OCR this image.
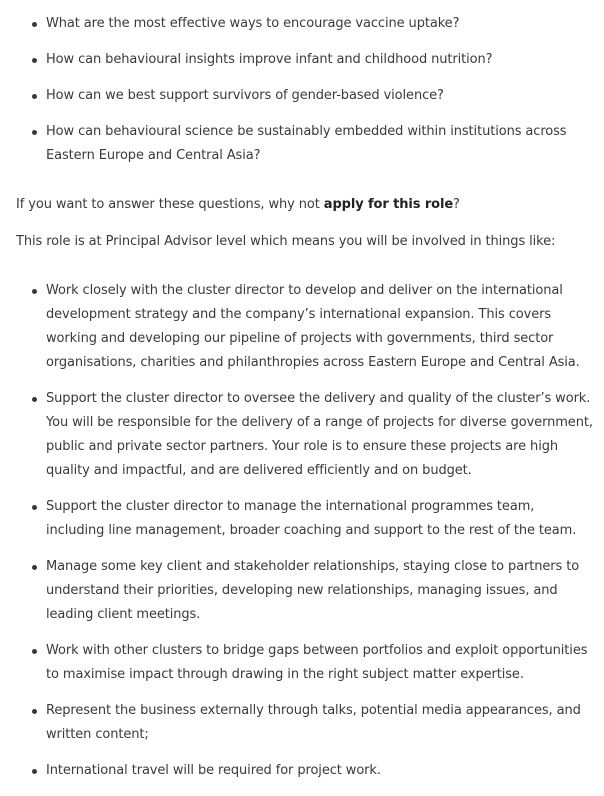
What are the most effective ways to encourage vaccine uptake?
How can behavioural insights improve infant and childhood nutrition?
How can we best support survivors of gender-based violence?
How can behavioural science be sustainably embedded within institutions across Eastern Europe and Central Asia?

If you want to answer these questions, why not apply for this role?

This role is at Principal Advisor level which means you will be involved in things like:

Work closely with the cluster director to develop and deliver on the international development strategy and the company’s international expansion. This covers working and developing our pipeline of projects with governments, third sector organisations, charities and philanthropies across Eastern Europe and Central Asia.
Support the cluster director to oversee the delivery and quality of the cluster’s work. You will be responsible for the delivery of a range of projects for diverse government, public and private sector partners. Your role is to ensure these projects are high quality and impactful, and are delivered efficiently and on budget.
Support the cluster director to manage the international programmes team, including line management, broader coaching and support to the rest of the team.
Manage some key client and stakeholder relationships, staying close to partners to understand their priorities, developing new relationships, managing issues, and leading client meetings.
Work with other clusters to bridge gaps between portfolios and exploit opportunities to maximise impact through drawing in the right subject matter expertise.
Represent the business externally through talks, potential media appearances, and written content;
International travel will be required for project work.
